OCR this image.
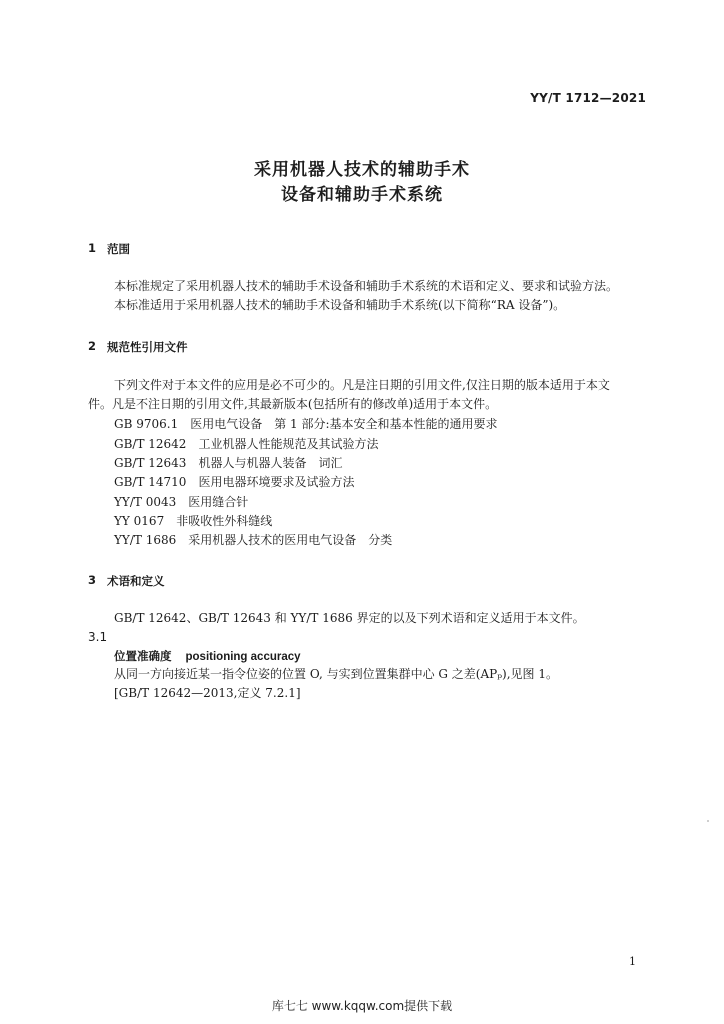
YY/T 1712—2021
采用机器人技术的辅助手术
设备和辅助手术系统
1 范围
本标准规定了采用机器人技术的辅助手术设备和辅助手术系统的术语和定义、要求和试验方法。
本标准适用于采用机器人技术的辅助手术设备和辅助手术系统(以下简称“RA 设备”)。
2 规范性引用文件
下列文件对于本文件的应用是必不可少的。凡是注日期的引用文件,仅注日期的版本适用于本文
件。凡是不注日期的引用文件,其最新版本(包括所有的修改单)适用于本文件。
GB 9706.1　医用电气设备　第 1 部分:基本安全和基本性能的通用要求
GB/T 12642　工业机器人性能规范及其试验方法
GB/T 12643　机器人与机器人装备　词汇
GB/T 14710　医用电器环境要求及试验方法
YY/T 0043　医用缝合针
YY 0167　非吸收性外科缝线
YY/T 1686　采用机器人技术的医用电气设备　分类
3 术语和定义
GB/T 12642、GB/T 12643 和 YY/T 1686 界定的以及下列术语和定义适用于本文件。
3.1
位置准确度 positioning accuracy
从同一方向接近某一指令位姿的位置 O, 与实到位置集群中心 G 之差(APₚ),见图 1。
[GB/T 12642—2013,定义 7.2.1]
1
库七七 www.kqqw.com提供下载
